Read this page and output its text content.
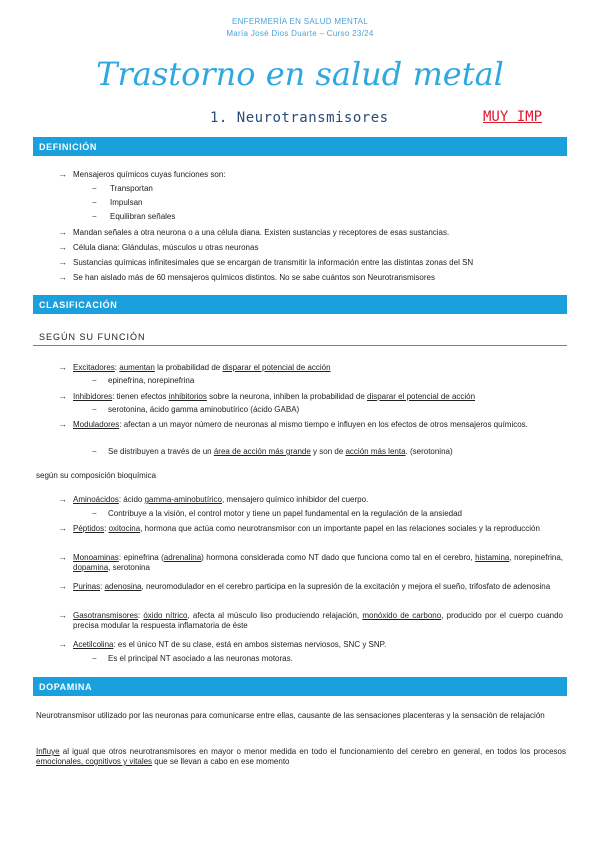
ENFERMERÍA EN SALUD MENTAL
María José Dios Duarte – Curso 23/24
Trastorno en salud metal
1. Neurotransmisores	MUY IMP
DEFINICIÓN
→ Mensajeros químicos cuyas funciones son:
− Transportan
− Impulsan
− Equilibran señales
→ Mandan señales a otra neurona o a una célula diana. Existen sustancias y receptores de esas sustancias.
→ Célula diana: Glándulas, músculos u otras neuronas
→ Sustancias químicas infinitesimales que se encargan de transmitir la información entre las distintas zonas del SN
→ Se han aislado más de 60 mensajeros químicos distintos. No se sabe cuántos son Neurotransmisores
CLASIFICACIÓN
SEGÚN SU FUNCIÓN
→ Excitadores: aumentan la probabilidad de disparar el potencial de acción
− epinefrina, norepinefrina
→ Inhibidores: tienen efectos inhibitorios sobre la neurona, inhiben la probabilidad de disparar el potencial de acción
− serotonina, ácido gamma aminobutírico (ácido GABA)
→ Moduladores: afectan a un mayor número de neuronas al mismo tiempo e influyen en los efectos de otros mensajeros químicos.
− Se distribuyen a través de un área de acción más grande y son de acción más lenta. (serotonina)
según su composición bioquímica
→ Aminoácidos: ácido gamma-aminobutírico, mensajero químico inhibidor del cuerpo.
− Contribuye a la visión, el control motor y tiene un papel fundamental en la regulación de la ansiedad
→ Péptidos: oxitocina, hormona que actúa como neurotransmisor con un importante papel en las relaciones sociales y la reproducción
→ Monoaminas: epinefrina (adrenalina) hormona considerada como NT dado que funciona como tal en el cerebro, histamina, norepinefrina, dopamina, serotonina
→ Purinas: adenosina, neuromodulador en el cerebro participa en la supresión de la excitación y mejora el sueño, trifosfato de adenosina
→ Gasotransmisores: óxido nítrico, afecta al músculo liso produciendo relajación, monóxido de carbono, producido por el cuerpo cuando precisa modular la respuesta inflamatoria de éste
→ Acetilcolina: es el único NT de su clase, está en ambos sistemas nerviosos, SNC y SNP.
− Es el principal NT asociado a las neuronas motoras.
DOPAMINA
Neurotransmisor utilizado por las neuronas para comunicarse entre ellas, causante de las sensaciones placenteras y la sensación de relajación
Influye al igual que otros neurotransmisores en mayor o menor medida en todo el funcionamiento del cerebro en general, en todos los procesos emocionales, cognitivos y vitales que se llevan a cabo en ese momento
